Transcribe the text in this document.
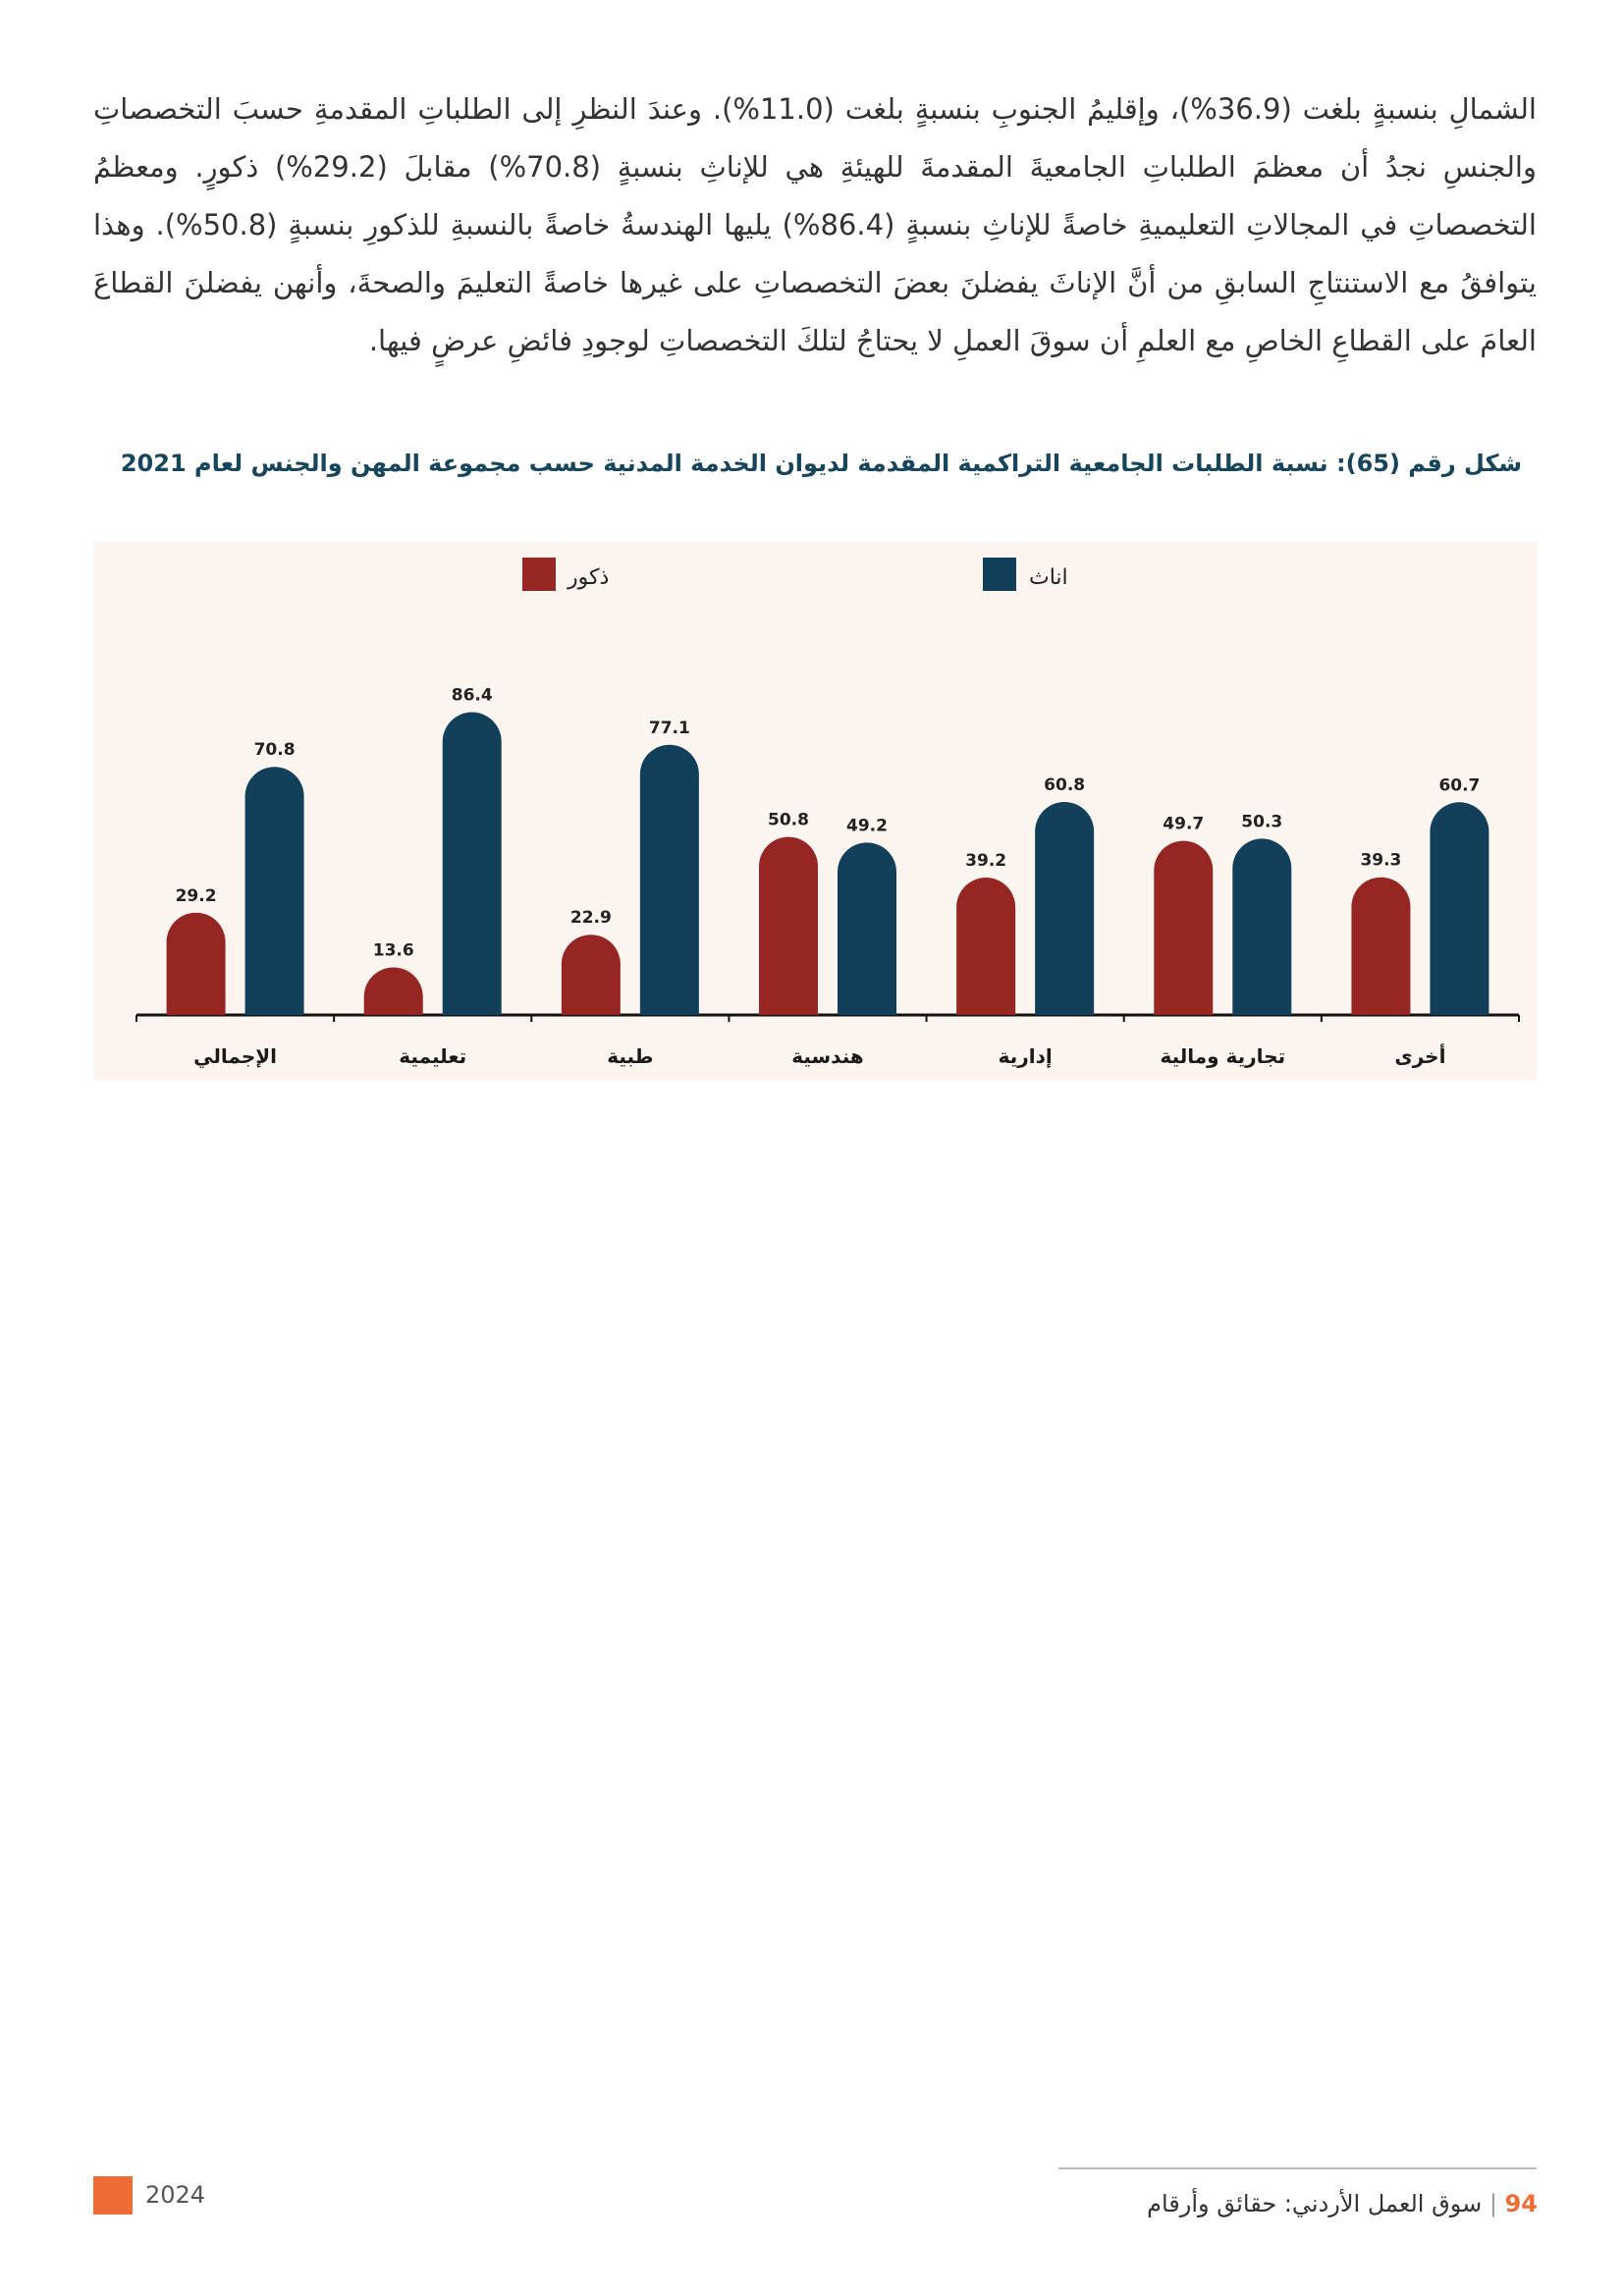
الشمالِ بنسبةٍ بلغت (36.9%)، وإقليمُ الجنوبِ بنسبةٍ بلغت (11.0%). وعندَ النظرِ إلى الطلباتِ المقدمةِ حسبَ التخصصاتِ والجنسِ نجدُ أن معظمَ الطلباتِ الجامعيةَ المقدمةَ للهيئةِ هي للإناثِ بنسبةٍ (70.8%) مقابلَ (29.2%) ذكورٍ. ومعظمُ التخصصاتِ في المجالاتِ التعليميةِ خاصةً للإناثِ بنسبةٍ (86.4%) يليها الهندسةُ خاصةً بالنسبةِ للذكورِ بنسبةٍ (50.8%). وهذا يتوافقُ مع الاستنتاجِ السابقِ من أنَّ الإناثَ يفضلنَ بعضَ التخصصاتِ على غيرها خاصةً التعليمَ والصحةَ، وأنهن يفضلنَ القطاعَ العامَ على القطاعِ الخاصِ مع العلمِ أن سوقَ العملِ لا يحتاجُ لتلكَ التخصصاتِ لوجودِ فائضِ عرضٍ فيها.
شكل رقم (65): نسبة الطلبات الجامعية التراكمية المقدمة لديوان الخدمة المدنية حسب مجموعة المهن والجنس لعام 2021
29.2
70.8
الإجمالي
13.6
86.4
تعليمية
22.9
77.1
طبية
50.8 49.2
هندسية
39.2
60.8
إدارية
49.7 50.3
تجارية ومالية
39.3
60.7
أخرى
ذكور	اناث
2024	94 | سوق العمل الأردني: حقائق وأرقام
